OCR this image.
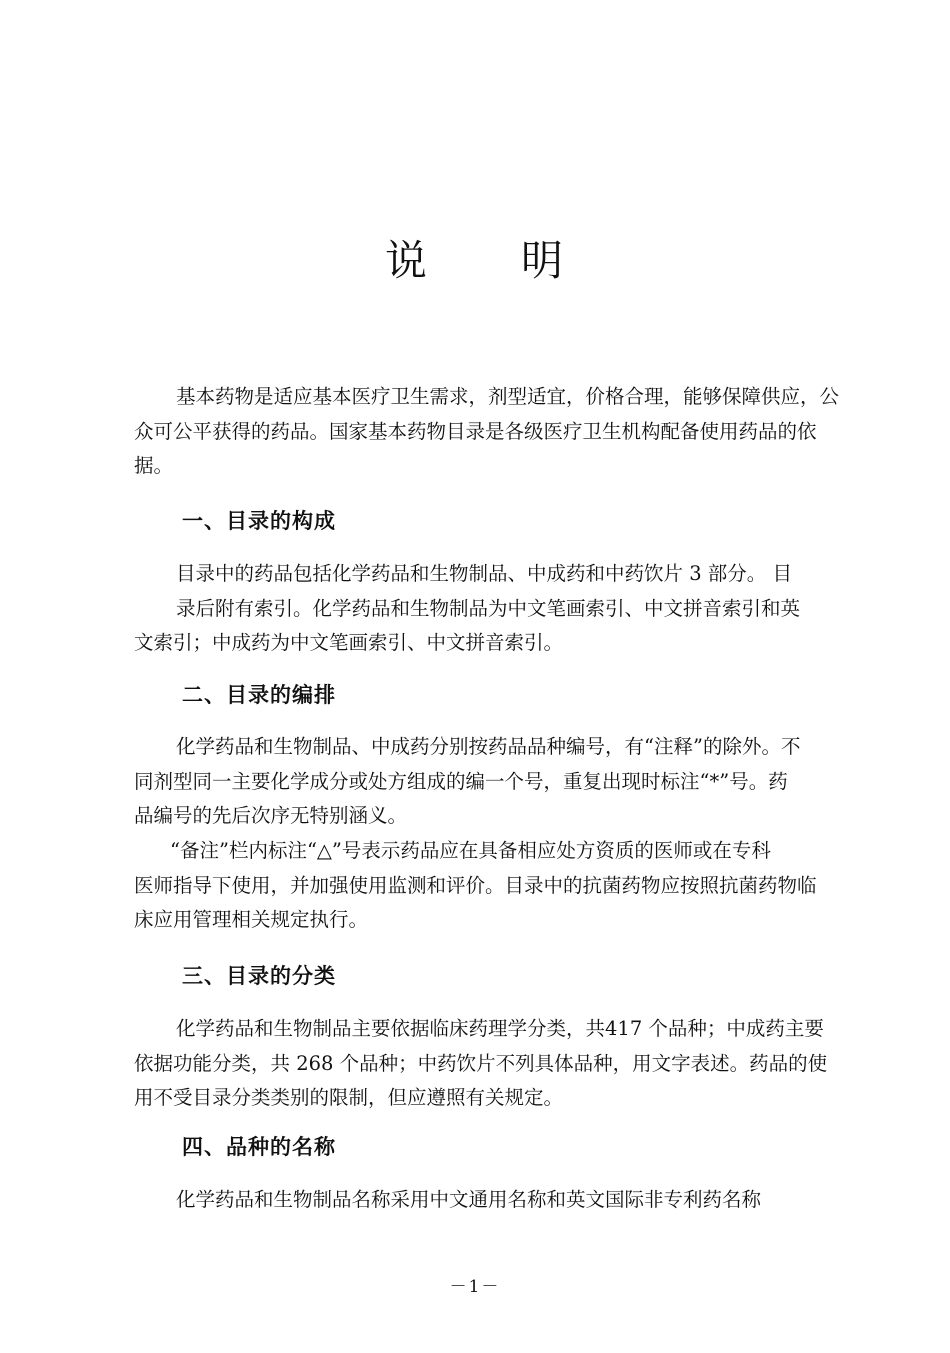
说 明
基本药物是适应基本医疗卫生需求，剂型适宜，价格合理，能够保障供应，公
众可公平获得的药品。国家基本药物目录是各级医疗卫生机构配备使用药品的依
据。
一、目录的构成
目录中的药品包括化学药品和生物制品、中成药和中药饮片 3 部分。 目
录后附有索引。化学药品和生物制品为中文笔画索引、中文拼音索引和英
文索引；中成药为中文笔画索引、中文拼音索引。
二、目录的编排
化学药品和生物制品、中成药分别按药品品种编号，有“注释”的除外。不
同剂型同一主要化学成分或处方组成的编一个号，重复出现时标注“*”号。药
品编号的先后次序无特别涵义。
“备注”栏内标注“△”号表示药品应在具备相应处方资质的医师或在专科
医师指导下使用，并加强使用监测和评价。目录中的抗菌药物应按照抗菌药物临
床应用管理相关规定执行。
三、目录的分类
化学药品和生物制品主要依据临床药理学分类，共417 个品种；中成药主要
依据功能分类，共 268 个品种；中药饮片不列具体品种，用文字表述。药品的使
用不受目录分类类别的限制，但应遵照有关规定。
四、品种的名称
化学药品和生物制品名称采用中文通用名称和英文国际非专利药名称
－1－
